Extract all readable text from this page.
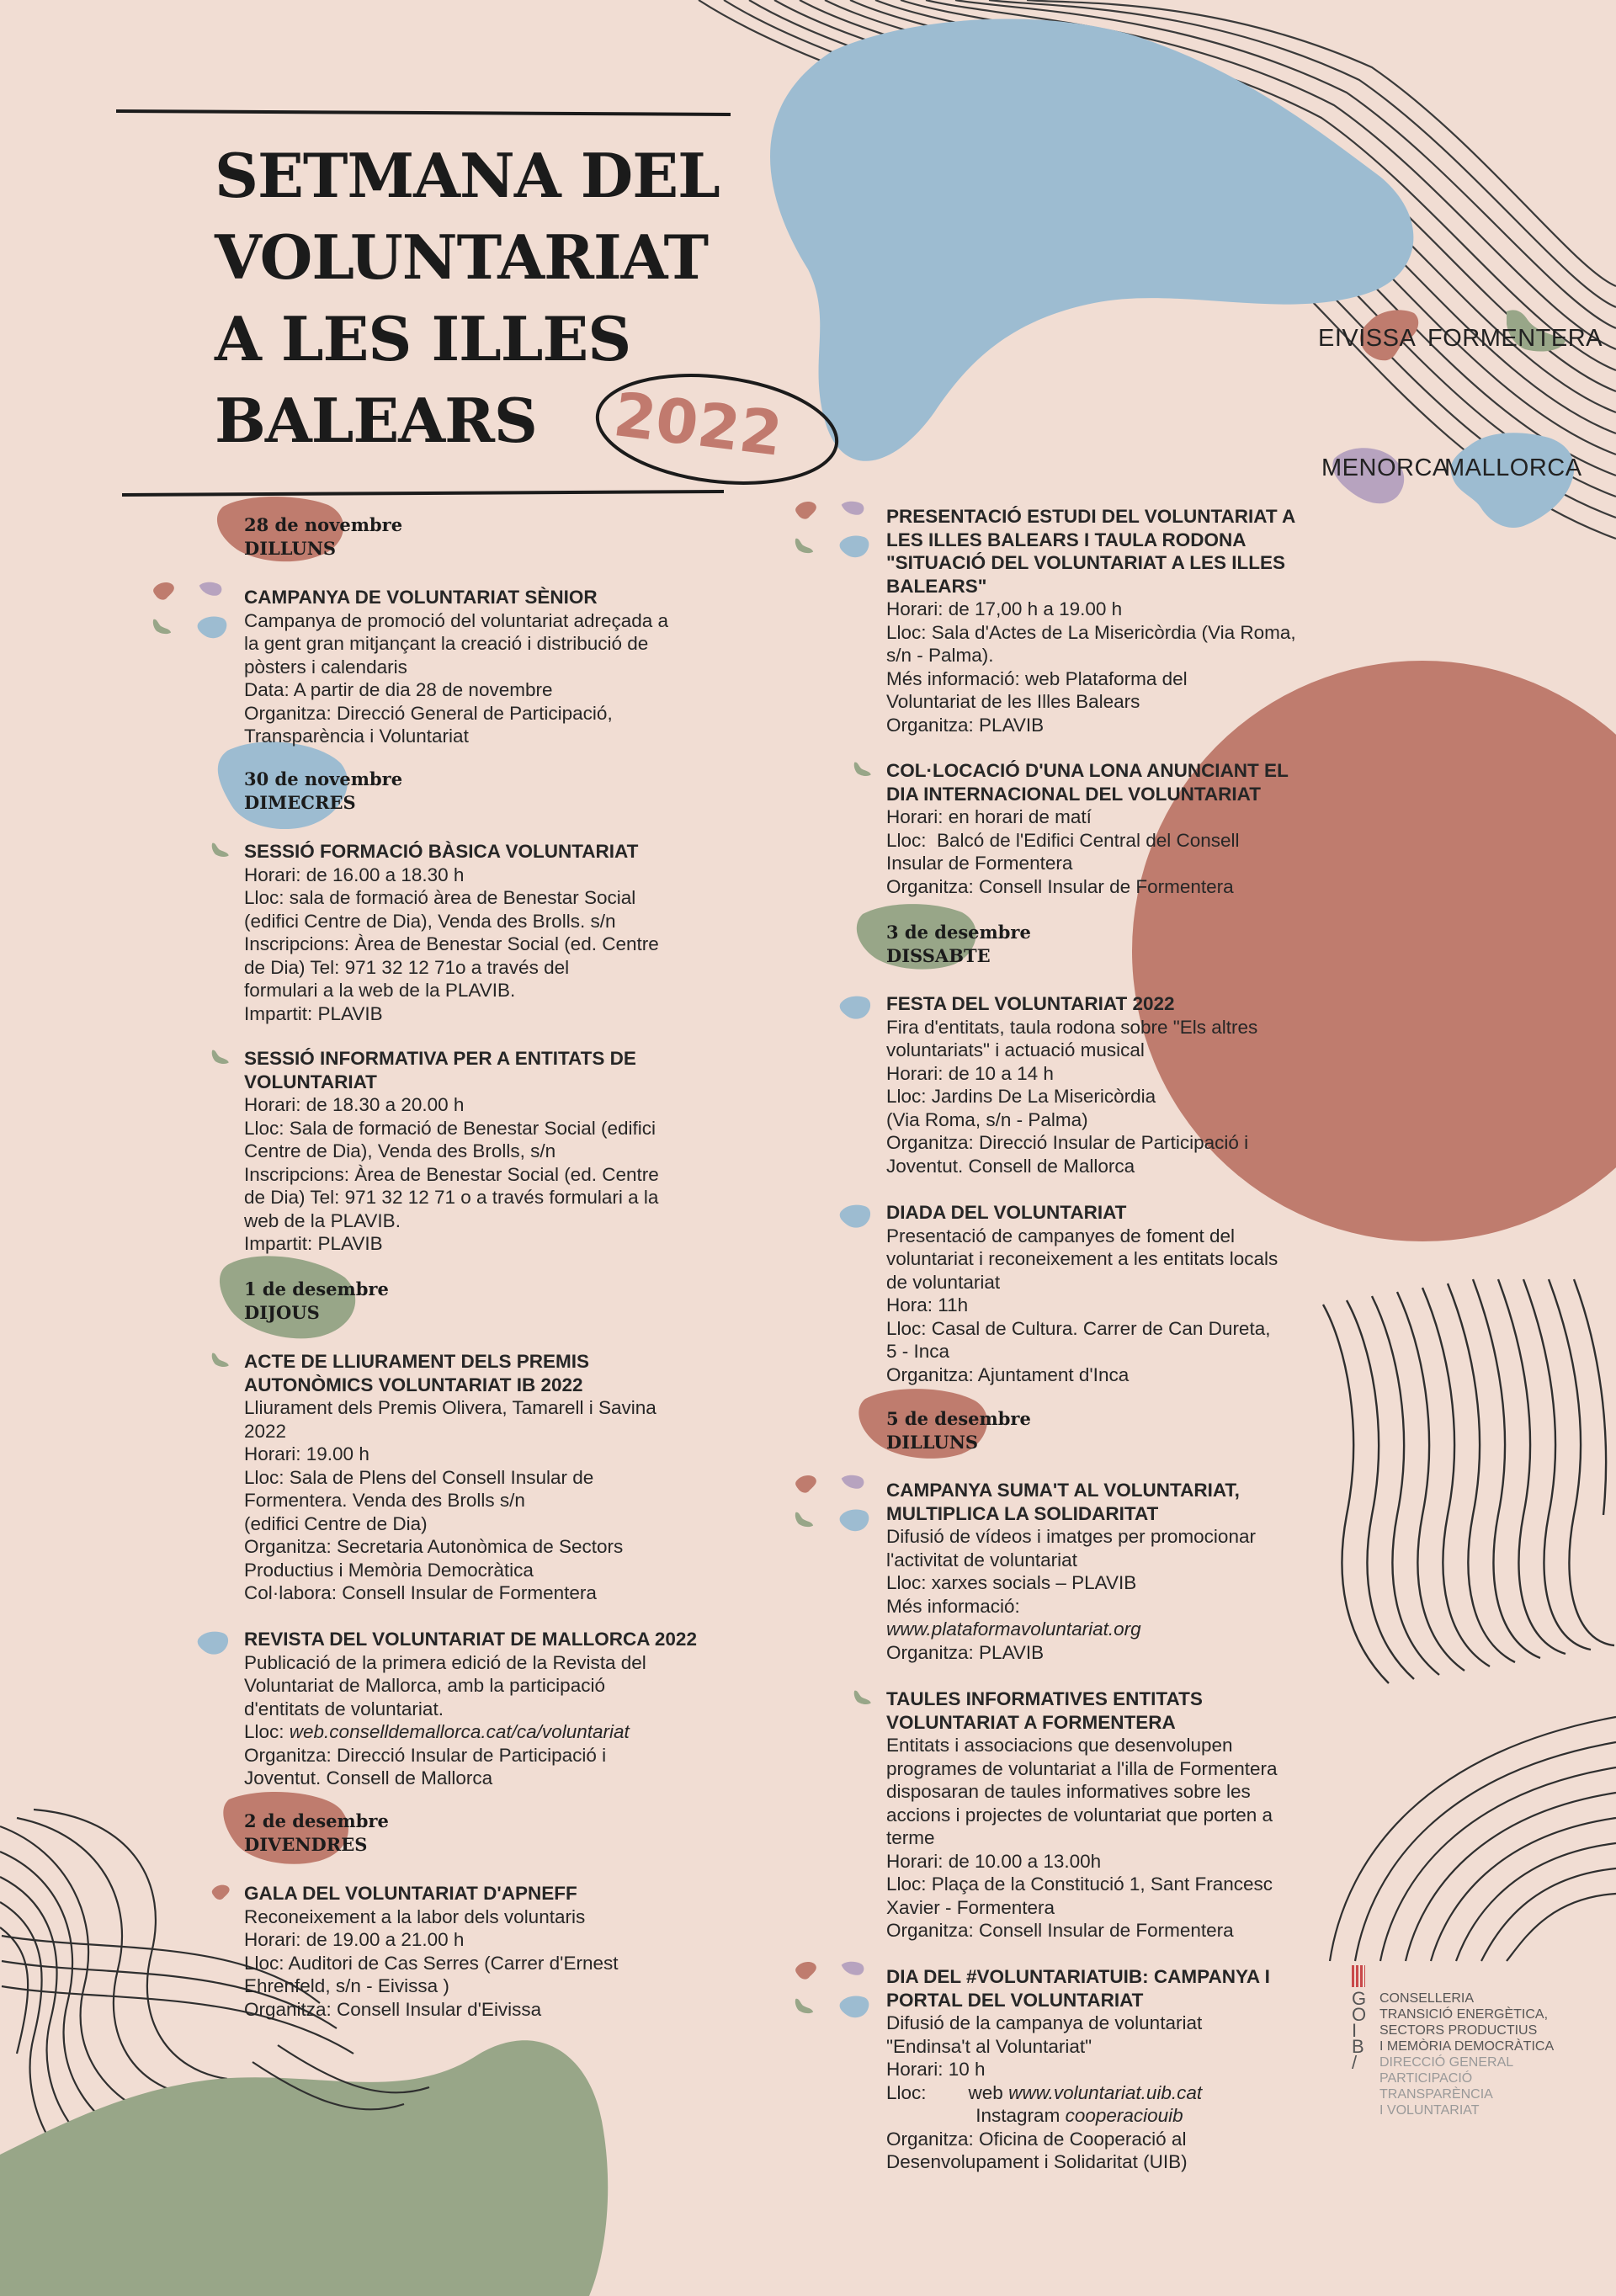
SETMANA DEL
VOLUNTARIAT
A LES ILLES
BALEARS	2022
EIVISSA FORMENTERA
MENORCA
MALLORCA
28 de novembre
DILLUNS
30 de novembre
DIMECRES
1 de desembre
DIJOUS
2 de desembre
DIVENDRES
3 de desembre
DISSABTE
5 de desembre
DILLUNS
CAMPANYA DE VOLUNTARIAT SÈNIOR
Campanya de promoció del voluntariat adreçada a
la gent gran mitjançant la creació i distribució de
pòsters i calendaris
Data: A partir de dia 28 de novembre
Organitza: Direcció General de Participació,
Transparència i Voluntariat
SESSIÓ FORMACIÓ BÀSICA VOLUNTARIAT
Horari: de 16.00 a 18.30 h
Lloc: sala de formació àrea de Benestar Social
(edifici Centre de Dia), Venda des Brolls. s/n
Inscripcions: Àrea de Benestar Social (ed. Centre
de Dia) Tel: 971 32 12 71o a través del
formulari a la web de la PLAVIB.
Impartit: PLAVIB
SESSIÓ INFORMATIVA PER A ENTITATS DE
VOLUNTARIAT
Horari: de 18.30 a 20.00 h
Lloc: Sala de formació de Benestar Social (edifici
Centre de Dia), Venda des Brolls, s/n
Inscripcions: Àrea de Benestar Social (ed. Centre
de Dia) Tel: 971 32 12 71 o a través formulari a la
web de la PLAVIB.
Impartit: PLAVIB
ACTE DE LLIURAMENT DELS PREMIS
AUTONÒMICS VOLUNTARIAT IB 2022
Lliurament dels Premis Olivera, Tamarell i Savina
2022
Horari: 19.00 h
Lloc: Sala de Plens del Consell Insular de
Formentera. Venda des Brolls s/n
(edifici Centre de Dia)
Organitza: Secretaria Autonòmica de Sectors
Productius i Memòria Democràtica
Col·labora: Consell Insular de Formentera
REVISTA DEL VOLUNTARIAT DE MALLORCA 2022
Publicació de la primera edició de la Revista del
Voluntariat de Mallorca, amb la participació
d'entitats de voluntariat.
Lloc: web.conselldemallorca.cat/ca/voluntariat
Organitza: Direcció Insular de Participació i
Joventut. Consell de Mallorca
GALA DEL VOLUNTARIAT D'APNEFF
Reconeixement a la labor dels voluntaris
Horari: de 19.00 a 21.00 h
Lloc: Auditori de Cas Serres (Carrer d'Ernest
Ehrenfeld, s/n - Eivissa )
Organitza: Consell Insular d'Eivissa
PRESENTACIÓ ESTUDI DEL VOLUNTARIAT A
LES ILLES BALEARS I TAULA RODONA
"SITUACIÓ DEL VOLUNTARIAT A LES ILLES
BALEARS"
Horari: de 17,00 h a 19.00 h
Lloc: Sala d'Actes de La Misericòrdia (Via Roma,
s/n - Palma).
Més informació: web Plataforma del
Voluntariat de les Illes Balears
Organitza: PLAVIB
COL·LOCACIÓ D'UNA LONA ANUNCIANT EL
DIA INTERNACIONAL DEL VOLUNTARIAT
Horari: en horari de matí
Lloc:  Balcó de l'Edifici Central del Consell
Insular de Formentera
Organitza: Consell Insular de Formentera
FESTA DEL VOLUNTARIAT 2022
Fira d'entitats, taula rodona sobre "Els altres
voluntariats" i actuació musical
Horari: de 10 a 14 h
Lloc: Jardins De La Misericòrdia
(Via Roma, s/n - Palma)
Organitza: Direcció Insular de Participació i
Joventut. Consell de Mallorca
DIADA DEL VOLUNTARIAT
Presentació de campanyes de foment del
voluntariat i reconeixement a les entitats locals
de voluntariat
Hora: 11h
Lloc: Casal de Cultura. Carrer de Can Dureta,
5 - Inca
Organitza: Ajuntament d'Inca
CAMPANYA SUMA'T AL VOLUNTARIAT,
MULTIPLICA LA SOLIDARITAT
Difusió de vídeos i imatges per promocionar
l'activitat de voluntariat
Lloc: xarxes socials – PLAVIB
Més informació:
www.plataformavoluntariat.org
Organitza: PLAVIB
TAULES INFORMATIVES ENTITATS
VOLUNTARIAT A FORMENTERA
Entitats i associacions que desenvolupen
programes de voluntariat a l'illa de Formentera
disposaran de taules informatives sobre les
accions i projectes de voluntariat que porten a
terme
Horari: de 10.00 a 13.00h
Lloc: Plaça de la Constitució 1, Sant Francesc
Xavier - Formentera
Organitza: Consell Insular de Formentera
DIA DEL #VOLUNTARIATUIB: CAMPANYA I
PORTAL DEL VOLUNTARIAT
Difusió de la campanya de voluntariat
"Endinsa't al Voluntariat"
Horari: 10 h
Lloc:        web www.voluntariat.uib.cat
Instagram cooperaciouib
Organitza: Oficina de Cooperació al
Desenvolupament i Solidaritat (UIB)
G
O
I
B
/
CONSELLERIA
TRANSICIÓ ENERGÈTICA,
SECTORS PRODUCTIUS
I MEMÒRIA DEMOCRÀTICA
DIRECCIÓ GENERAL
PARTICIPACIÓ
TRANSPARÈNCIA
I VOLUNTARIAT
